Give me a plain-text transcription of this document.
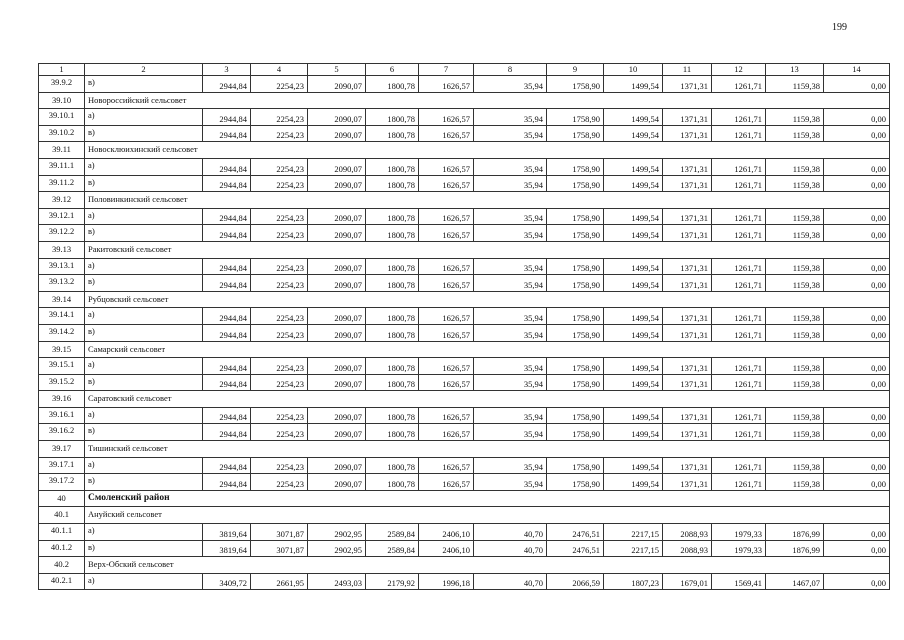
199
1	2	3	4	5	6	7	8	9	10	11	12	13	14
39.9.2	в)	2944,84	2254,23	2090,07	1800,78	1626,57	35,94	1758,90	1499,54	1371,31	1261,71	1159,38	0,00
39.10	Новороссийский сельсовет												
39.10.1	а)	2944,84	2254,23	2090,07	1800,78	1626,57	35,94	1758,90	1499,54	1371,31	1261,71	1159,38	0,00
39.10.2	в)	2944,84	2254,23	2090,07	1800,78	1626,57	35,94	1758,90	1499,54	1371,31	1261,71	1159,38	0,00
39.11	Новосклюихинский сельсовет												
39.11.1	а)	2944,84	2254,23	2090,07	1800,78	1626,57	35,94	1758,90	1499,54	1371,31	1261,71	1159,38	0,00
39.11.2	в)	2944,84	2254,23	2090,07	1800,78	1626,57	35,94	1758,90	1499,54	1371,31	1261,71	1159,38	0,00
39.12	Половинкинский сельсовет												
39.12.1	а)	2944,84	2254,23	2090,07	1800,78	1626,57	35,94	1758,90	1499,54	1371,31	1261,71	1159,38	0,00
39.12.2	в)	2944,84	2254,23	2090,07	1800,78	1626,57	35,94	1758,90	1499,54	1371,31	1261,71	1159,38	0,00
39.13	Ракитовский сельсовет												
39.13.1	а)	2944,84	2254,23	2090,07	1800,78	1626,57	35,94	1758,90	1499,54	1371,31	1261,71	1159,38	0,00
39.13.2	в)	2944,84	2254,23	2090,07	1800,78	1626,57	35,94	1758,90	1499,54	1371,31	1261,71	1159,38	0,00
39.14	Рубцовский сельсовет												
39.14.1	а)	2944,84	2254,23	2090,07	1800,78	1626,57	35,94	1758,90	1499,54	1371,31	1261,71	1159,38	0,00
39.14.2	в)	2944,84	2254,23	2090,07	1800,78	1626,57	35,94	1758,90	1499,54	1371,31	1261,71	1159,38	0,00
39.15	Самарский сельсовет												
39.15.1	а)	2944,84	2254,23	2090,07	1800,78	1626,57	35,94	1758,90	1499,54	1371,31	1261,71	1159,38	0,00
39.15.2	в)	2944,84	2254,23	2090,07	1800,78	1626,57	35,94	1758,90	1499,54	1371,31	1261,71	1159,38	0,00
39.16	Саратовский сельсовет												
39.16.1	а)	2944,84	2254,23	2090,07	1800,78	1626,57	35,94	1758,90	1499,54	1371,31	1261,71	1159,38	0,00
39.16.2	в)	2944,84	2254,23	2090,07	1800,78	1626,57	35,94	1758,90	1499,54	1371,31	1261,71	1159,38	0,00
39.17	Тишинский сельсовет												
39.17.1	а)	2944,84	2254,23	2090,07	1800,78	1626,57	35,94	1758,90	1499,54	1371,31	1261,71	1159,38	0,00
39.17.2	в)	2944,84	2254,23	2090,07	1800,78	1626,57	35,94	1758,90	1499,54	1371,31	1261,71	1159,38	0,00
40	Смоленский район												
40.1	Ануйский сельсовет												
40.1.1	а)	3819,64	3071,87	2902,95	2589,84	2406,10	40,70	2476,51	2217,15	2088,93	1979,33	1876,99	0,00
40.1.2	в)	3819,64	3071,87	2902,95	2589,84	2406,10	40,70	2476,51	2217,15	2088,93	1979,33	1876,99	0,00
40.2	Верх-Обский сельсовет												
40.2.1	а)	3409,72	2661,95	2493,03	2179,92	1996,18	40,70	2066,59	1807,23	1679,01	1569,41	1467,07	0,00
